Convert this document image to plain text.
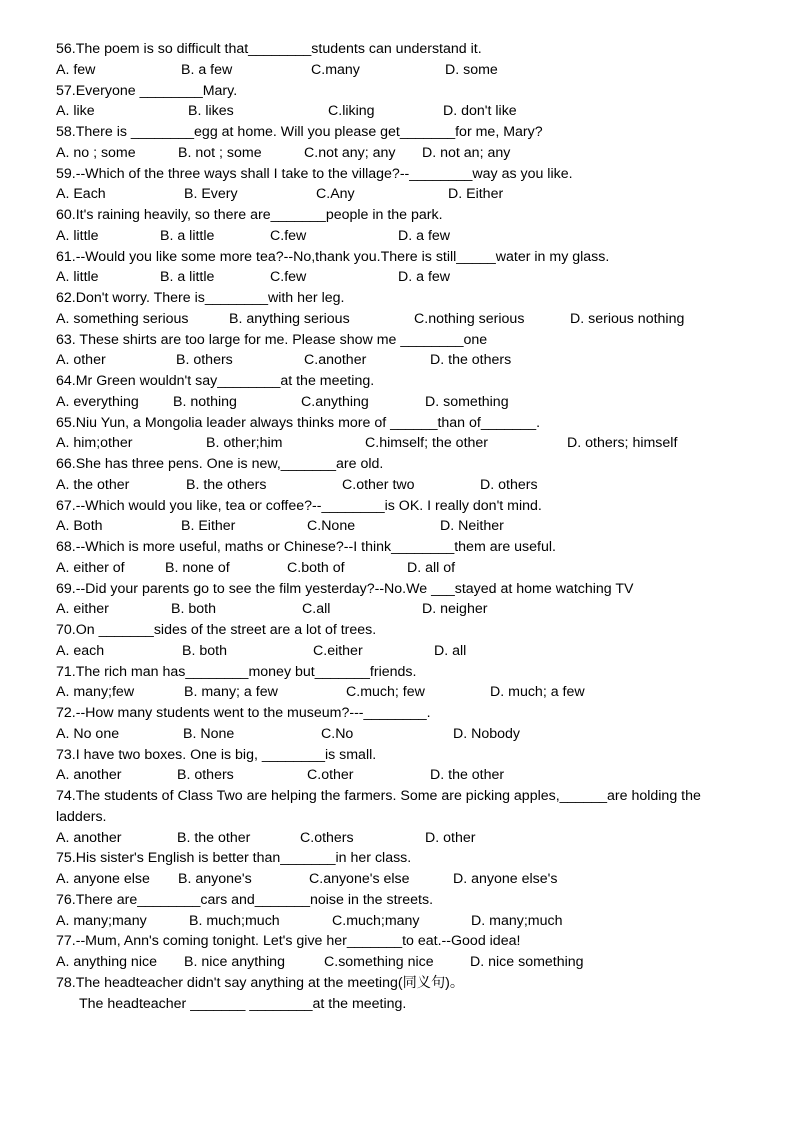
56.The poem is so difficult that________students can understand it.
A. few	B. a few	C.many	D. some
57.Everyone ________Mary.
A. like	B. likes	C.liking	D. don't like
58.There is ________egg at home. Will you please get_______for me, Mary?
A. no ; some	B. not ; some	C.not any; any D. not an; any
59.--Which of the three ways shall I take to the village?--________way as you like.
A. Each	B. Every	C.Any	D. Either
60.It's raining heavily, so there are_______people in the park.
A. little	B. a little	C.few	D. a few
61.--Would you like some more tea?--No,thank you.There is still_____water in my glass.
A. little	B. a little	C.few	D. a few
62.Don't worry. There is________with her leg.
A. something serious	B. anything serious	C.nothing serious	D. serious nothing
63. These shirts are too large for me. Please show me ________one
A. other	B. others	C.another	D. the others
64.Mr Green wouldn't say________at the meeting.
A. everything B. nothing	C.anything	D. something
65.Niu Yun, a Mongolia leader always thinks more of ______than of_______.
A. him;other	B. other;him	C.himself; the other	D. others; himself
66.She has three pens. One is new,_______are old.
A. the other	B. the others	C.other two	D. others
67.--Which would you like, tea or coffee?--________is OK. I really don't mind.
A. Both	B. Either	C.None	D. Neither
68.--Which is more useful, maths or Chinese?--I think________them are useful.
A. either of	B. none of	C.both of	D. all of
69.--Did your parents go to see the film yesterday?--No.We ___stayed at home watching TV
A. either	B. both	C.all	D. neigher
70.On _______sides of the street are a lot of trees.
A. each	B. both	C.either	D. all
71.The rich man has________money but_______friends.
A. many;few	B. many; a few	C.much; few	D. much; a few
72.--How many students went to the museum?---________.
A. No one	B. None	C.No	D. Nobody
73.I have two boxes. One is big, ________is small.
A. another	B. others	C.other	D. the other
74.The students of Class Two are helping the farmers. Some are picking apples,______are holding the ladders.
A. another	B. the other	C.others	D. other
75.His sister's English is better than_______in her class.
A. anyone else B. anyone's	C.anyone's else	D. anyone else's
76.There are________cars and_______noise in the streets.
A. many;many	B. much;much	C.much;many	D. many;much
77.--Mum, Ann's coming tonight. Let's give her_______to eat.--Good idea!
A. anything nice B. nice anything	C.something nice	D. nice something
78.The headteacher didn't say anything at the meeting(同义句)。
The headteacher _______ ________at the meeting.
